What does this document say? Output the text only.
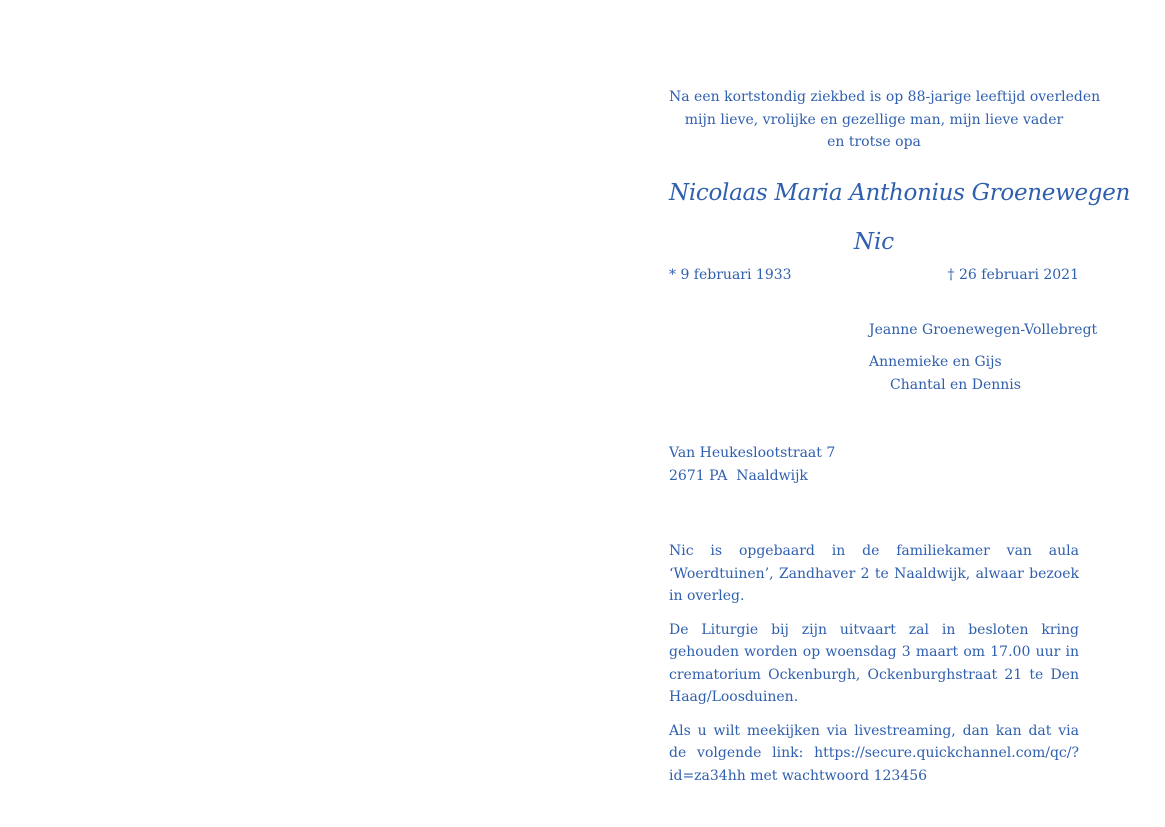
Na een kortstondig ziekbed is op 88-jarige leeftijd overleden
mijn lieve, vrolijke en gezellige man, mijn lieve vader
en trotse opa
Nicolaas Maria Anthonius Groenewegen
Nic
* 9 februari 1933	† 26 februari 2021
Jeanne Groenewegen-Vollebregt
Annemieke en Gijs
Chantal en Dennis
Van Heukeslootstraat 7
2671 PA  Naaldwijk

Nic is opgebaard in de familiekamer van aula ‘Woerdtuinen’, Zandhaver 2 te Naaldwijk, alwaar bezoek in overleg.

De Liturgie bij zijn uitvaart zal in besloten kring gehouden worden op woensdag 3 maart om 17.00 uur in crematorium Ockenburgh, Ockenburghstraat 21 te Den Haag/Loosduinen.

Als u wilt meekijken via livestreaming, dan kan dat via de volgende link: https://secure.quickchannel.com/qc/?id=za34hh met wachtwoord 123456
